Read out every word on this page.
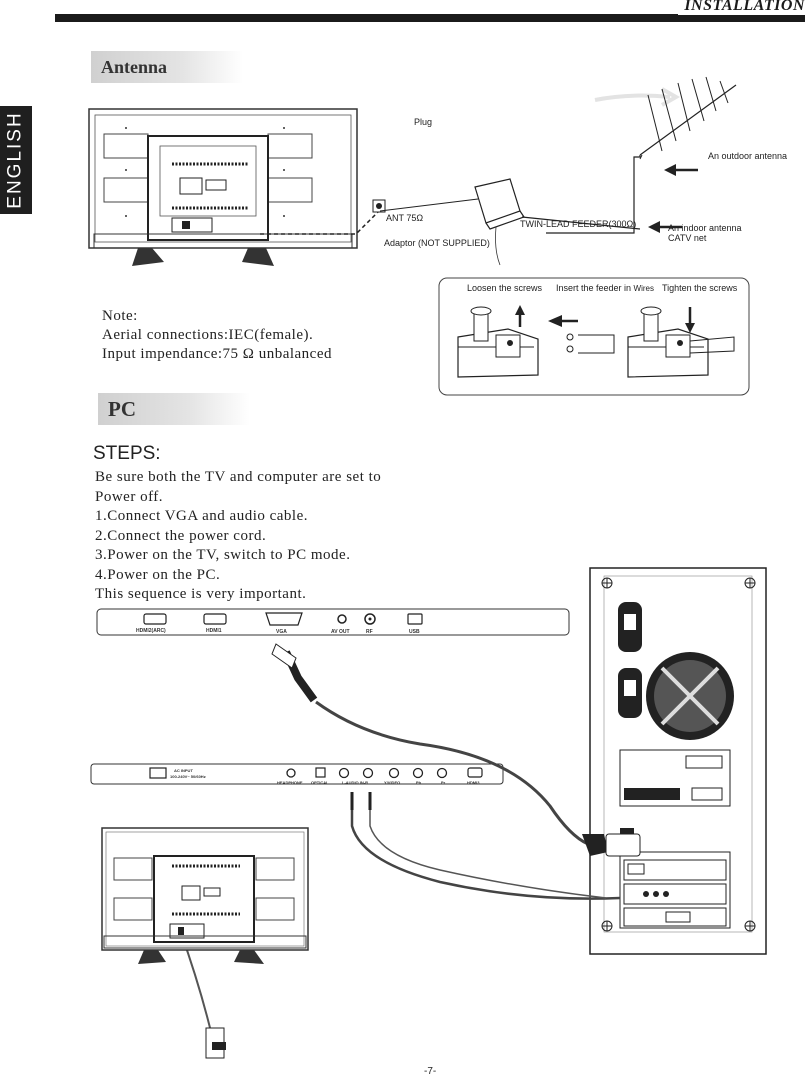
INSTALLATION
ENGLISH
Antenna
Plug
An outdoor antenna
ANT 75Ω
TWIN-LEAD FEEDER(300Ω)	An indoor antenna
CATV net
Adaptor (NOT SUPPLIED)
Loosen the screws Insert the feeder in Wires Tighten the screws
Note:
Aerial connections:IEC(female).
Input impendance:75 Ω unbalanced
PC
STEPS:
Be sure both the TV and computer are set to
Power off.
1.Connect VGA and audio cable.
2.Connect the power cord.
3.Power on the TV, switch to PC mode.
4.Power on the PC.
This sequence is very important.
HDMI2(ARC)	HDMI1	VGA	AV OUT	RF	USB
AC INPUT
100-240V~ 50/60Hz
HEADPHONE OPTICAL	L-AUDIO IN-R	Y/VIDEO	Pb	Pr	HDMI3
-7-
